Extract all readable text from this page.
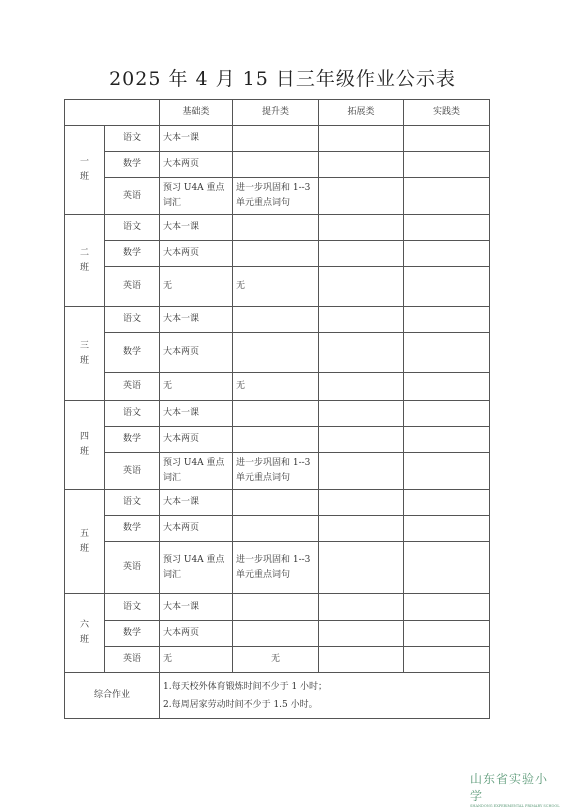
2025 年 4 月 15 日三年级作业公示表
		基础类	提升类	拓展类	实践类

一
班	语文	大本一课			
	数学	大本两页			
	英语	预习 U4A 重点词汇	进一步巩固和 1--3 单元重点词句		

二
班	语文	大本一课			
	数学	大本两页			
	英语	无	无		

三
班	语文	大本一课			
	数学	大本两页			
	英语	无	无		

四
班	语文	大本一课			
	数学	大本两页			
	英语	预习 U4A 重点词汇	进一步巩固和 1--3 单元重点词句		

五
班	语文	大本一课			
	数学	大本两页			
	英语	预习 U4A 重点词汇	进一步巩固和 1--3 单元重点词句		

六
班	语文	大本一课			
	数学	大本两页			
	英语	无	无		
综合作业		1.每天校外体育锻炼时间不少于 1 小时；
2.每周居家劳动时间不少于 1.5 小时。			
山东省实验小学
SHANDONG EXPERIMENTAL PRIMARY SCHOOL
